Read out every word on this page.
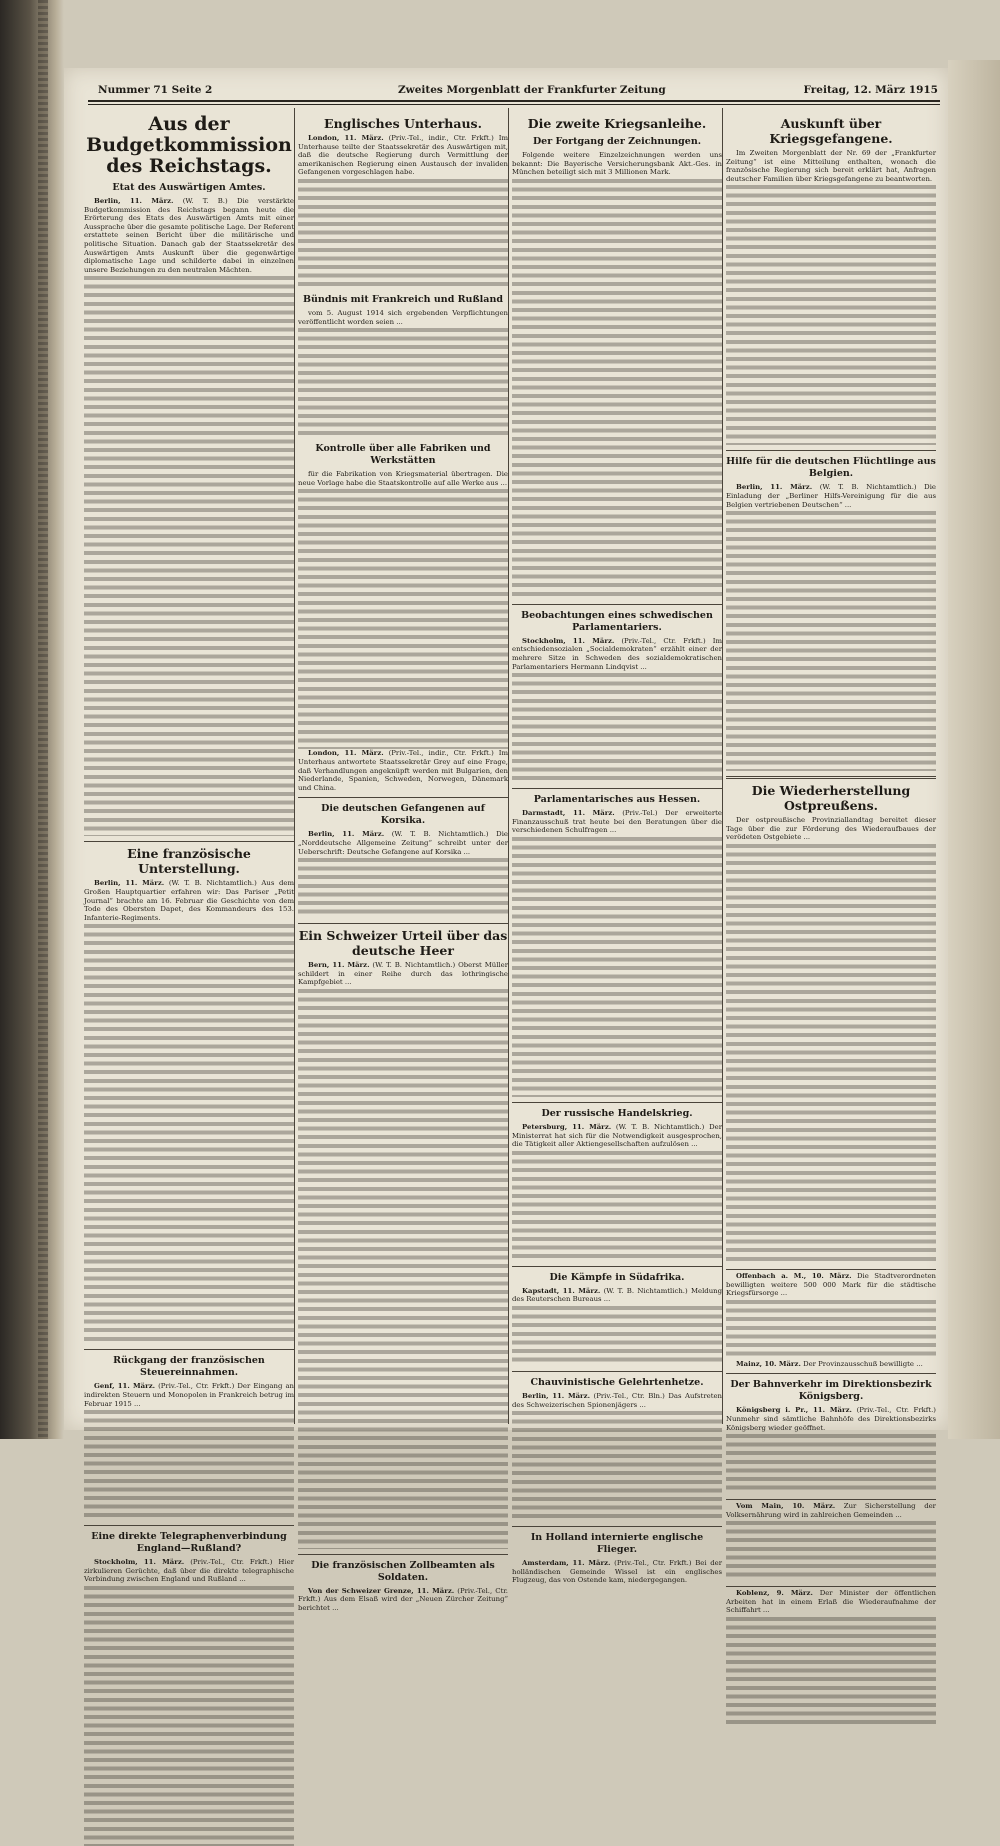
Nummer 71 Seite 2	Zweites Morgenblatt der Frankfurter Zeitung	Freitag, 12. März 1915
Aus der Budgetkommission des Reichstags.
Etat des Auswärtigen Amtes.

Berlin, 11. März. (W. T. B.) Die verstärkte Budgetkommission des Reichstags begann heute die Erörterung des Etats des Auswärtigen Amts mit einer Aussprache über die gesamte politische Lage. Der Referent erstattete seinen Bericht über die militärische und politische Situation. Danach gab der Staatssekretär des Auswärtigen Amts Auskunft über die gegenwärtige diplomatische Lage und schilderte dabei in einzelnen unsere Beziehungen zu den neutralen Mächten.

Eine französische Unterstellung.

Berlin, 11. März. (W. T. B. Nichtamtlich.) Aus dem Großen Hauptquartier erfahren wir: Das Pariser „Petit Journal“ brachte am 16. Februar die Geschichte von dem Tode des Obersten Dapet, des Kommandeurs des 153. Infanterie-Regiments.

Rückgang der französischen Steuereinnahmen.

Genf, 11. März. (Priv.-Tel., Ctr. Frkft.) Der Eingang an indirekten Steuern und Monopolen in Frankreich betrug im Februar 1915 ...

Eine direkte Telegraphenverbindung England—Rußland?

Stockholm, 11. März. (Priv.-Tel., Ctr. Frkft.) Hier zirkulieren Gerüchte, daß über die direkte telegraphische Verbindung zwischen England und Rußland ...

Englisches Unterhaus.

London, 11. März. (Priv.-Tel., indir., Ctr. Frkft.) Im Unterhause teilte der Staatssekretär des Auswärtigen mit, daß die deutsche Regierung durch Vermittlung der amerikanischen Regierung einen Austausch der invaliden Gefangenen vorgeschlagen habe.

Bündnis mit Frankreich und Rußland

vom 5. August 1914 sich ergebenden Verpflichtungen veröffentlicht worden seien ...

Kontrolle über alle Fabriken und Werkstätten

für die Fabrikation von Kriegsmaterial übertragen. Die neue Vorlage habe die Staatskontrolle auf alle Werke aus ...

London, 11. März. (Priv.-Tel., indir., Ctr. Frkft.) Im Unterhaus antwortete Staatssekretär Grey auf eine Frage, daß Verhandlungen angeknüpft werden mit Bulgarien, den Niederlande, Spanien, Schweden, Norwegen, Dänemark und China.

Die deutschen Gefangenen auf Korsika.

Berlin, 11. März. (W. T. B. Nichtamtlich.) Die „Norddeutsche Allgemeine Zeitung“ schreibt unter der Ueberschrift: Deutsche Gefangene auf Korsika ...

Ein Schweizer Urteil über das deutsche Heer

Bern, 11. März. (W. T. B. Nichtamtlich.) Oberst Müller schildert in einer Reihe durch das lothringische Kampfgebiet ...

Die französischen Zollbeamten als Soldaten.

Von der Schweizer Grenze, 11. März. (Priv.-Tel., Ctr. Frkft.) Aus dem Elsaß wird der „Neuen Zürcher Zeitung“ berichtet ...

Die zweite Kriegsanleihe.
Der Fortgang der Zeichnungen.

Folgende weitere Einzelzeichnungen werden uns bekannt: Die Bayerische Versicherungsbank Akt.-Ges. in München beteiligt sich mit 3 Millionen Mark.

Beobachtungen eines schwedischen Parlamentariers.

Stockholm, 11. März. (Priv.-Tel., Ctr. Frkft.) Im entschiedensozialen „Socialdemokraten“ erzählt einer der mehrere Sitze in Schweden des sozialdemokratischen Parlamentariers Hermann Lindqvist ...

Parlamentarisches aus Hessen.

Darmstadt, 11. März. (Priv.-Tel.) Der erweiterte Finanzausschuß trat heute bei den Beratungen über die verschiedenen Schulfragen ...

Der russische Handelskrieg.

Petersburg, 11. März. (W. T. B. Nichtamtlich.) Der Ministerrat hat sich für die Notwendigkeit ausgesprochen, die Tätigkeit aller Aktiengesellschaften aufzulösen ...

Die Kämpfe in Südafrika.

Kapstadt, 11. März. (W. T. B. Nichtamtlich.) Meldung des Reuterschen Bureaus ...

Chauvinistische Gelehrtenhetze.

Berlin, 11. März. (Priv.-Tel., Ctr. Bln.) Das Aufstreten des Schweizerischen Spionenjägers ...

In Holland internierte englische Flieger.

Amsterdam, 11. März. (Priv.-Tel., Ctr. Frkft.) Bei der holländischen Gemeinde Wissel ist ein englisches Flugzeug, das von Ostende kam, niedergegangen.

Auskunft über Kriegsgefangene.

Im Zweiten Morgenblatt der Nr. 69 der „Frankfurter Zeitung“ ist eine Mitteilung enthalten, wonach die französische Regierung sich bereit erklärt hat, Anfragen deutscher Familien über Kriegsgefangene zu beantworten.

Hilfe für die deutschen Flüchtlinge aus Belgien.

Berlin, 11. März. (W. T. B. Nichtamtlich.) Die Einladung der „Berliner Hilfs-Vereinigung für die aus Belgien vertriebenen Deutschen“ ...

Die Wiederherstellung Ostpreußens.

Der ostpreußische Provinziallandtag bereitet dieser Tage über die zur Förderung des Wiederaufbaues der verödeten Ostgebiete ...

Offenbach a. M., 10. März. Die Stadtverordneten bewilligten weitere 500 000 Mark für die städtische Kriegsfürsorge ...

Mainz, 10. März. Der Provinzausschuß bewilligte ...

Der Bahnverkehr im Direktionsbezirk Königsberg.

Königsberg i. Pr., 11. März. (Priv.-Tel., Ctr. Frkft.) Nunmehr sind sämtliche Bahnhöfe des Direktionsbezirks Königsberg wieder geöffnet.

Vom Main, 10. März. Zur Sicherstellung der Volksernährung wird in zahlreichen Gemeinden ...

Koblenz, 9. März. Der Minister der öffentlichen Arbeiten hat in einem Erlaß die Wiederaufnahme der Schiffahrt ...
